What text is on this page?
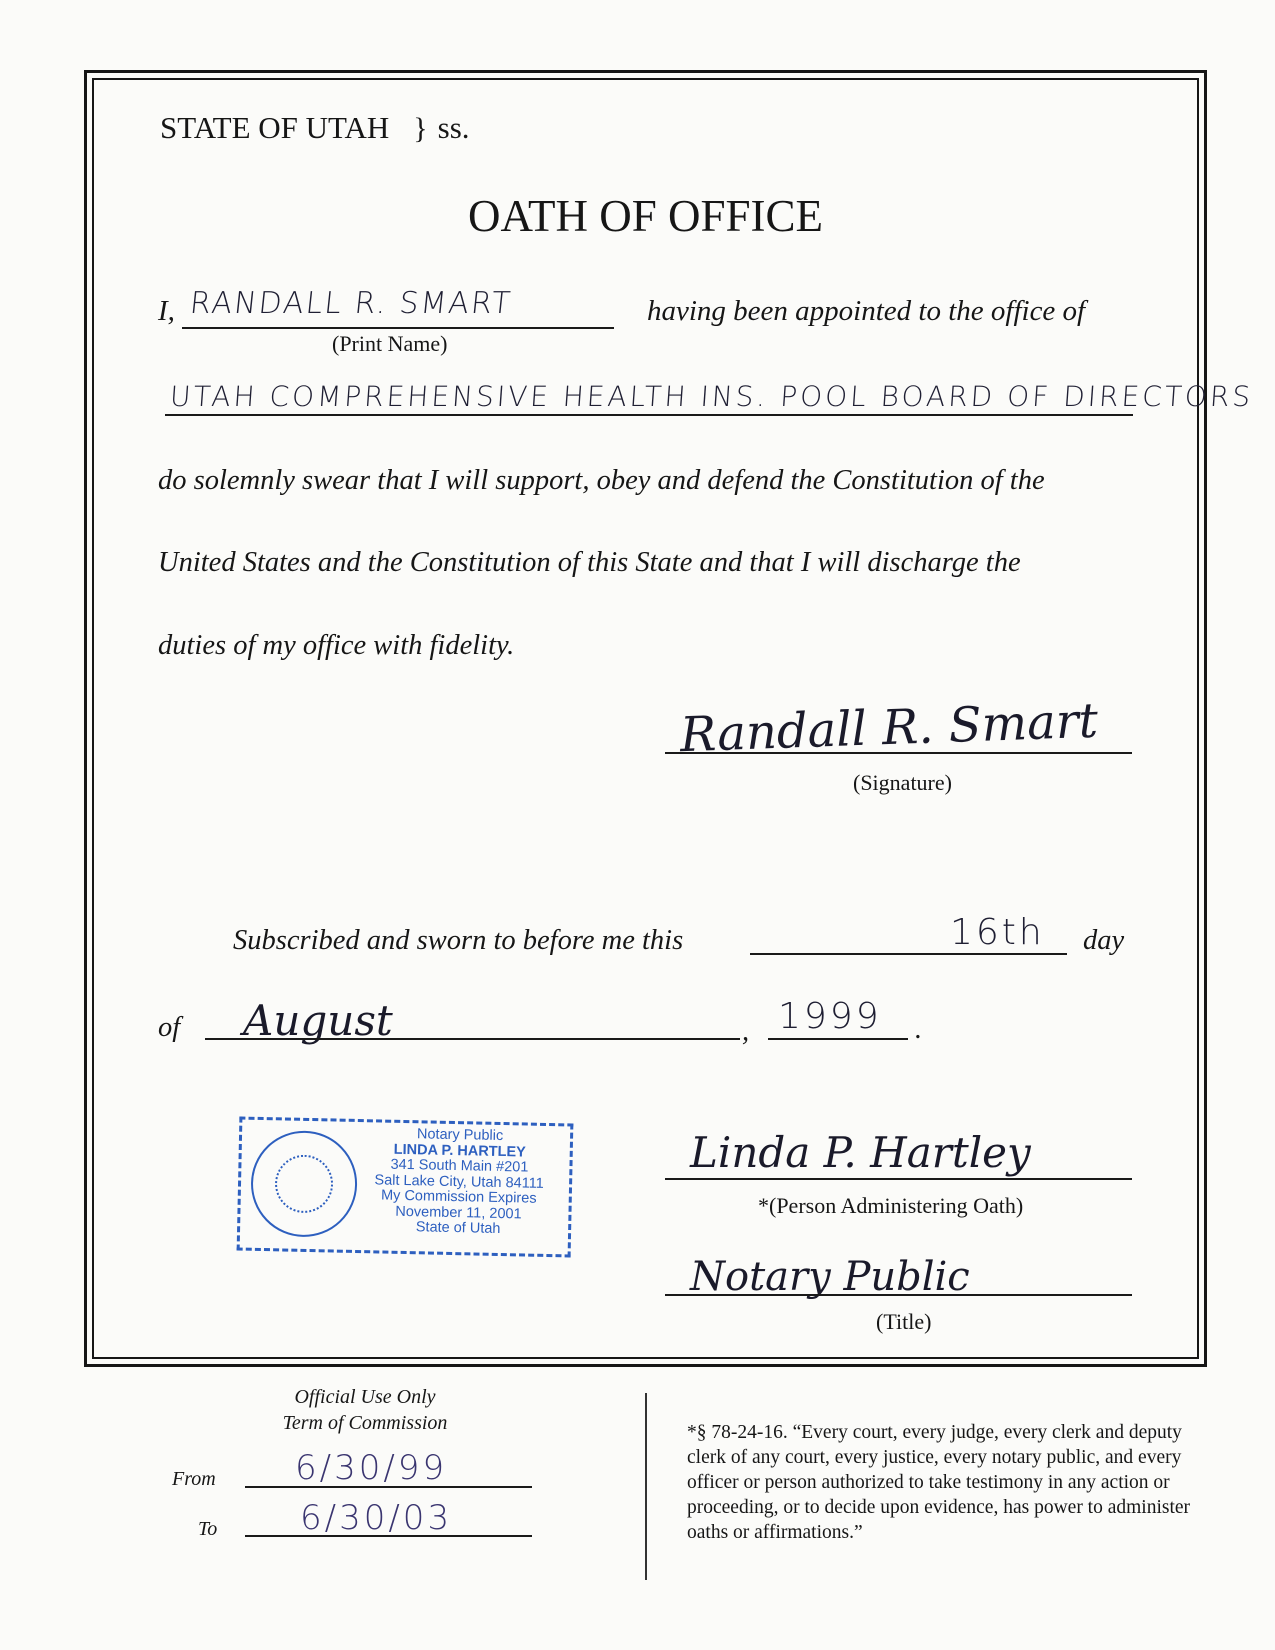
STATE OF UTAH } ss.
OATH OF OFFICE
I, RANDALL R. SMART
(Print Name)
having been appointed to the office of
UTAH COMPREHENSIVE HEALTH INS. POOL BOARD OF DIRECTORS
do solemnly swear that I will support, obey and defend the Constitution of the
United States and the Constitution of this State and that I will discharge the
duties of my office with fidelity.
Randall R. Smart
(Signature)
Subscribed and sworn to before me this	16th day
of August	, 1999 .
Notary Public
LINDA P. HARTLEY
341 South Main #201
Salt Lake City, Utah 84111
My Commission Expires
November 11, 2001
State of Utah
Linda P. Hartley
*(Person Administering Oath)
Notary Public
(Title)
Official Use Only
Term of Commission
From 6/30/99
To 6/30/03
*§ 78-24-16. “Every court, every judge, every clerk and deputy clerk of any court, every justice, every notary public, and every officer or person authorized to take testimony in any action or proceeding, or to decide upon evidence, has power to administer oaths or affirmations.”
